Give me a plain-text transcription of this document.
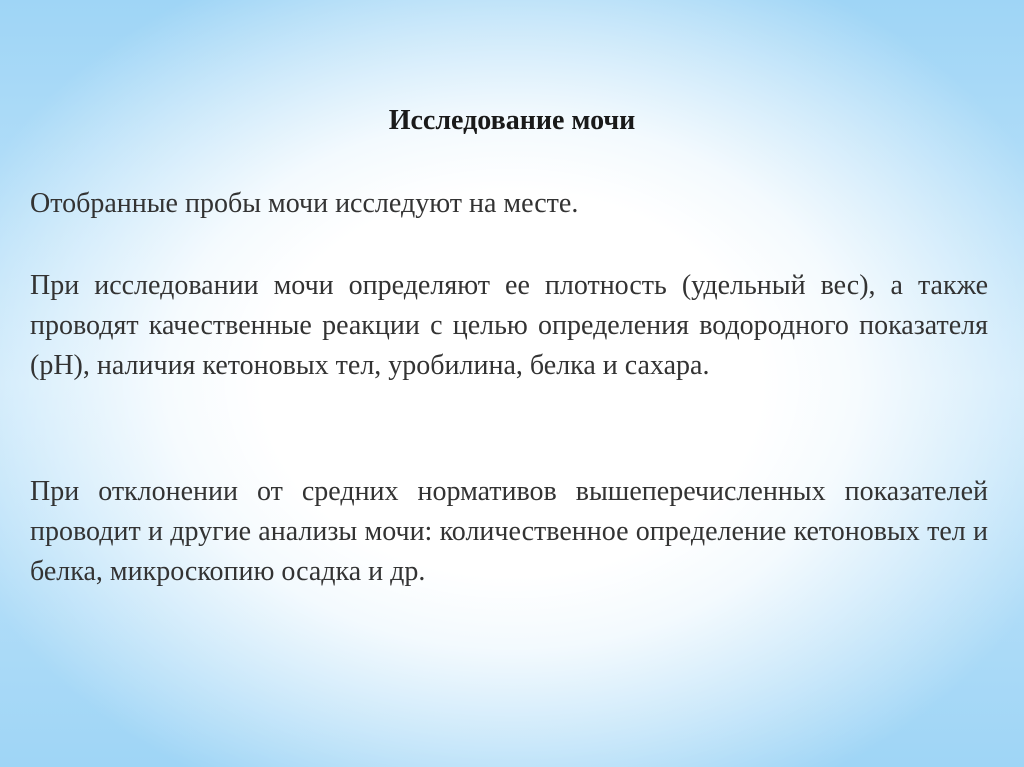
Исследование мочи
Отобранные пробы мочи исследуют на месте.
При исследовании мочи определяют ее плотность (удельный вес), а также проводят качественные реакции с целью определения водородного показателя (pH), наличия кетоновых тел, уробилина, белка и сахара.
При отклонении от средних нормативов вышеперечисленных показателей проводит и другие анализы мочи: количественное определение кетоновых тел и белка, микроскопию осадка и др.
